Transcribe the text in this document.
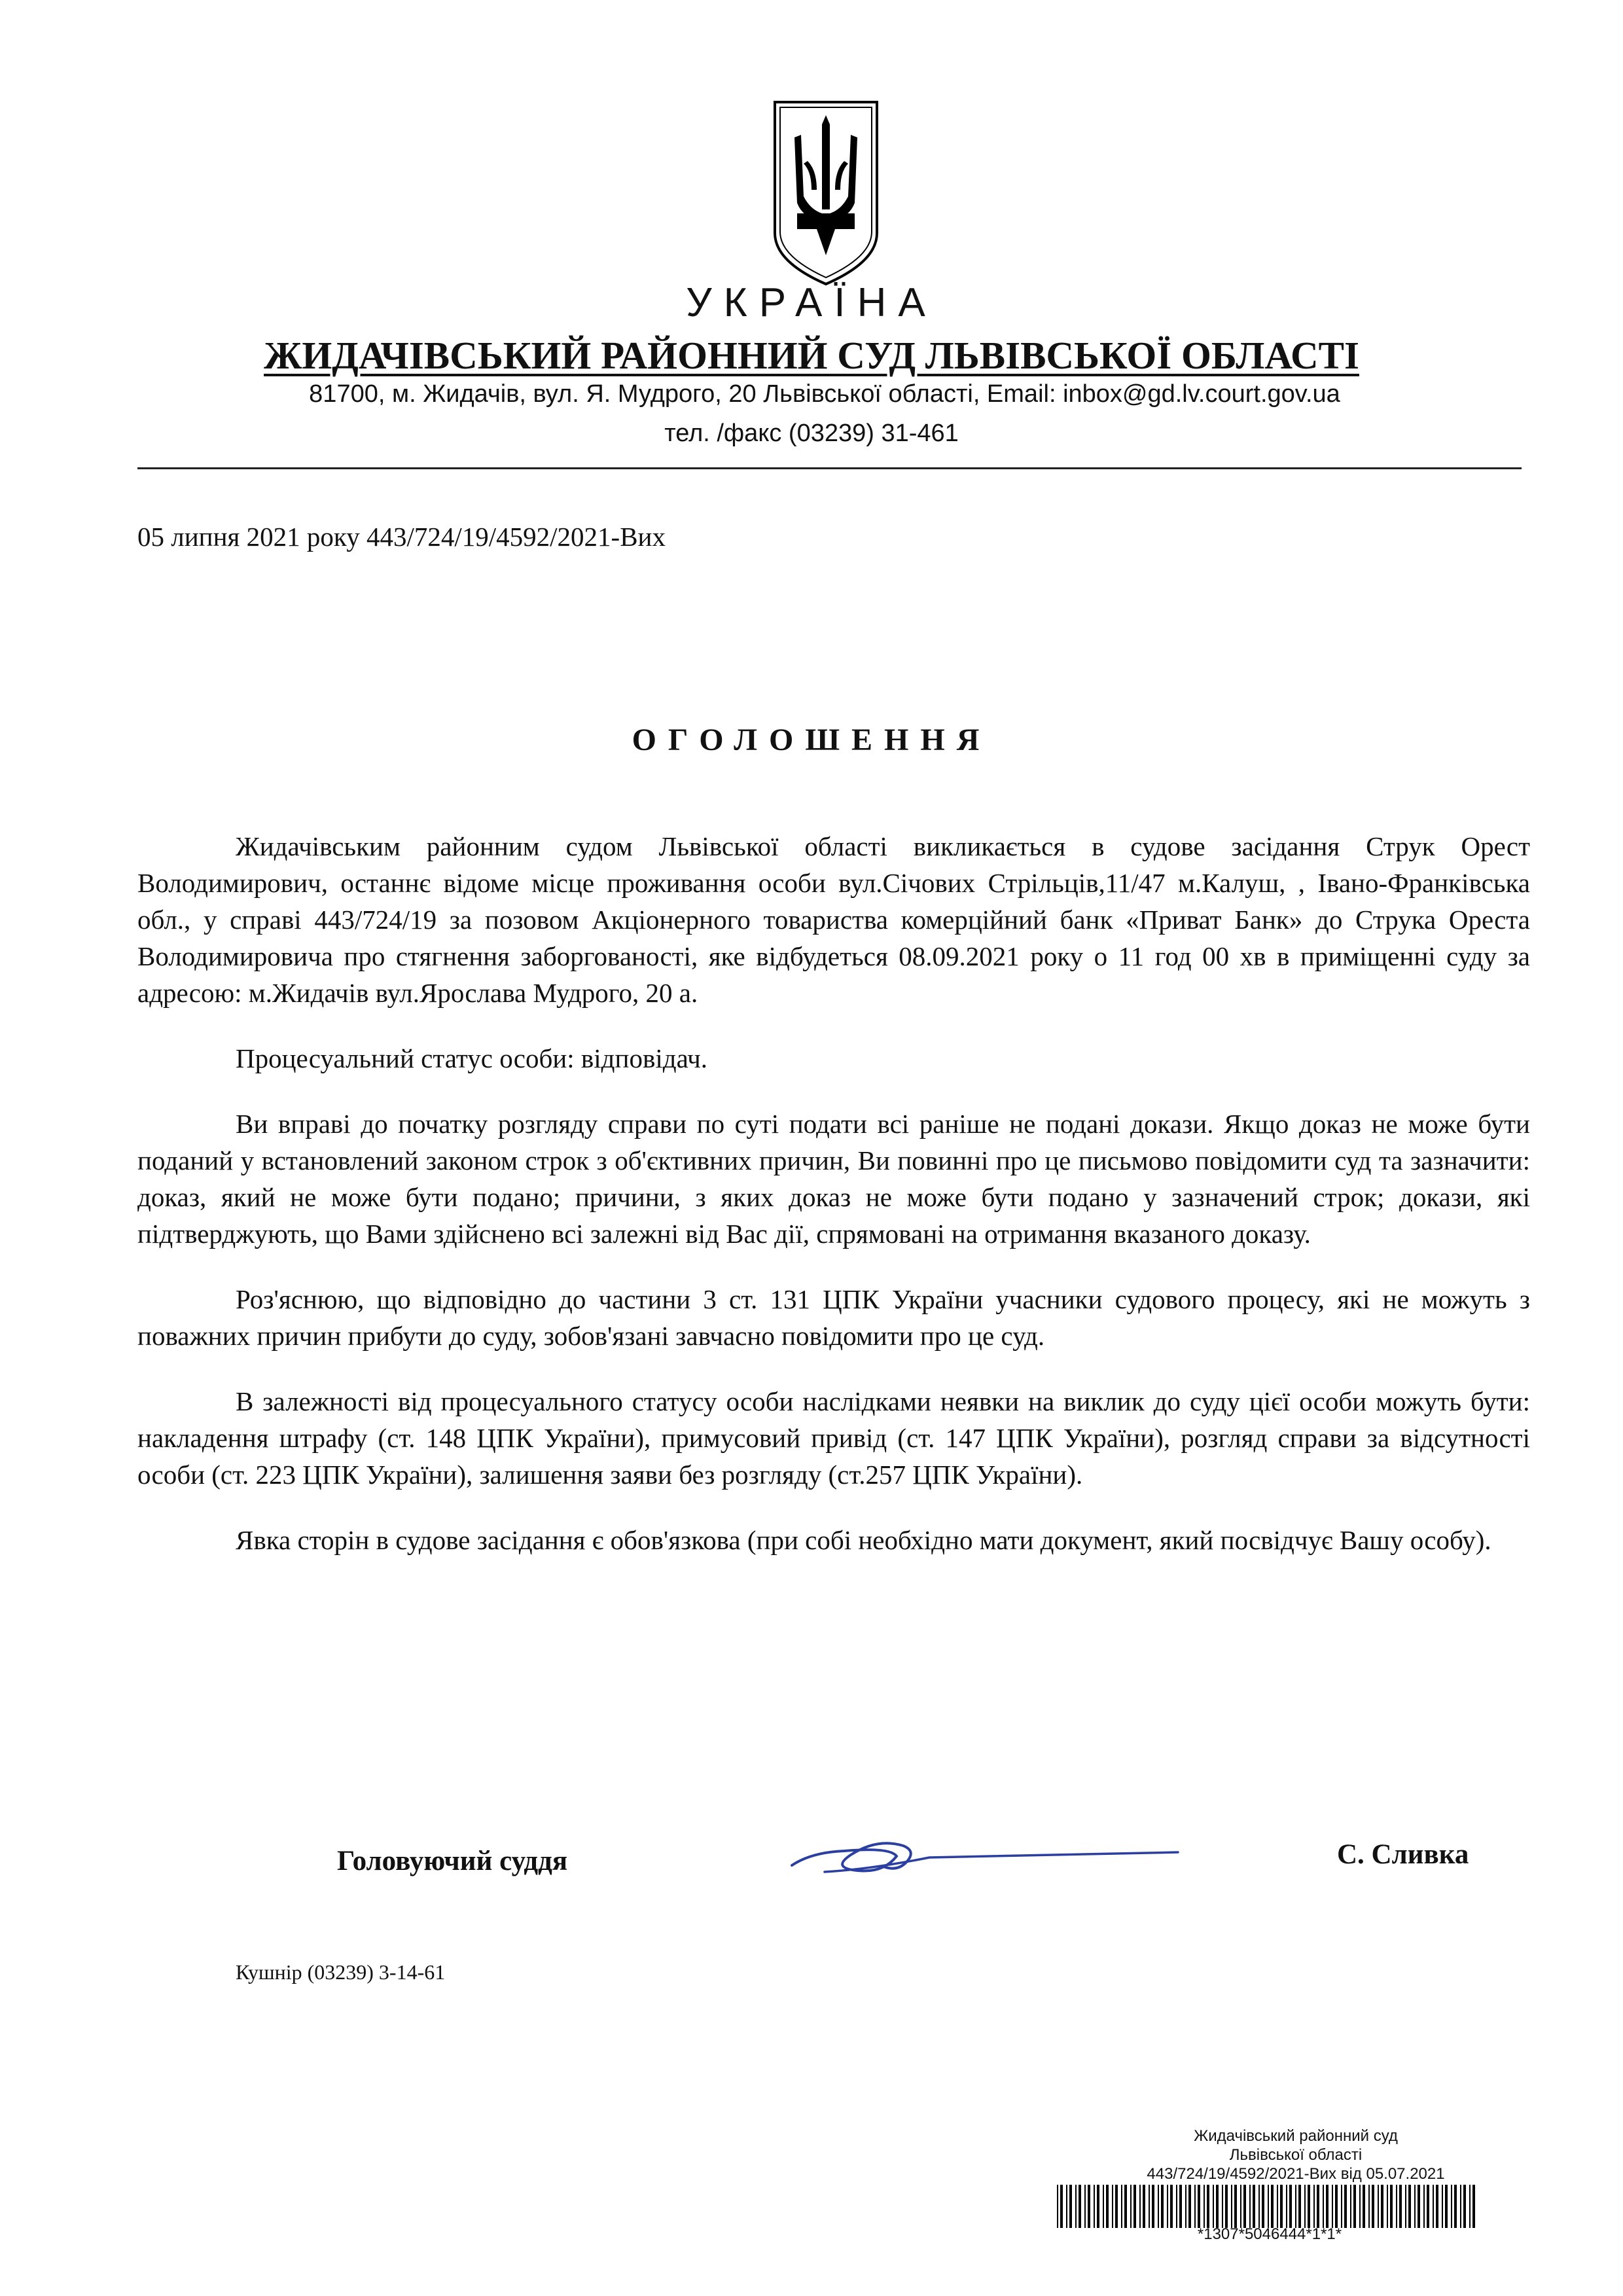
УКРАЇНА
ЖИДАЧІВСЬКИЙ РАЙОННИЙ СУД ЛЬВІВСЬКОЇ ОБЛАСТІ
81700, м. Жидачів, вул. Я. Мудрого, 20 Львівської області, Email: inbox@gd.lv.court.gov.ua
тел. /факс (03239) 31-461
05 липня 2021 року 443/724/19/4592/2021-Вих
ОГОЛОШЕННЯ

Жидачівським районним судом Львівської області викликається в судове засідання Струк Орест Володимирович, останнє відоме місце проживання особи вул.Січових Стрільців,11/47 м.Калуш, , Івано-Франківська обл., у справі 443/724/19 за позовом Акціонерного товариства комерційний банк «Приват Банк» до Струка Ореста Володимировича про стягнення заборгованості, яке відбудеться 08.09.2021 року о 11 год 00 хв в приміщенні суду за адресою: м.Жидачів вул.Ярослава Мудрого, 20 а.

Процесуальний статус особи: відповідач.

Ви вправі до початку розгляду справи по суті подати всі раніше не подані докази. Якщо доказ не може бути поданий у встановлений законом строк з об'єктивних причин, Ви повинні про це письмово повідомити суд та зазначити: доказ, який не може бути подано; причини, з яких доказ не може бути подано у зазначений строк; докази, які підтверджують, що Вами здійснено всі залежні від Вас дії, спрямовані на отримання вказаного доказу.

Роз'яснюю, що відповідно до частини 3 ст. 131 ЦПК України учасники судового процесу, які не можуть з поважних причин прибути до суду, зобов'язані завчасно повідомити про це суд.

В залежності від процесуального статусу особи наслідками неявки на виклик до суду цієї особи можуть бути: накладення штрафу (ст. 148 ЦПК України), примусовий привід (ст. 147 ЦПК України), розгляд справи за відсутності особи (ст. 223 ЦПК України), залишення заяви без розгляду (ст.257 ЦПК України).

Явка сторін в судове засідання є обов'язкова (при собі необхідно мати документ, який посвідчує Вашу особу).

Головуючий суддя	С. Сливка
Кушнір (03239) 3-14-61
Жидачівський районний суд
Львівської області
443/724/19/4592/2021-Вих від 05.07.2021
*1307*5046444*1*1*
